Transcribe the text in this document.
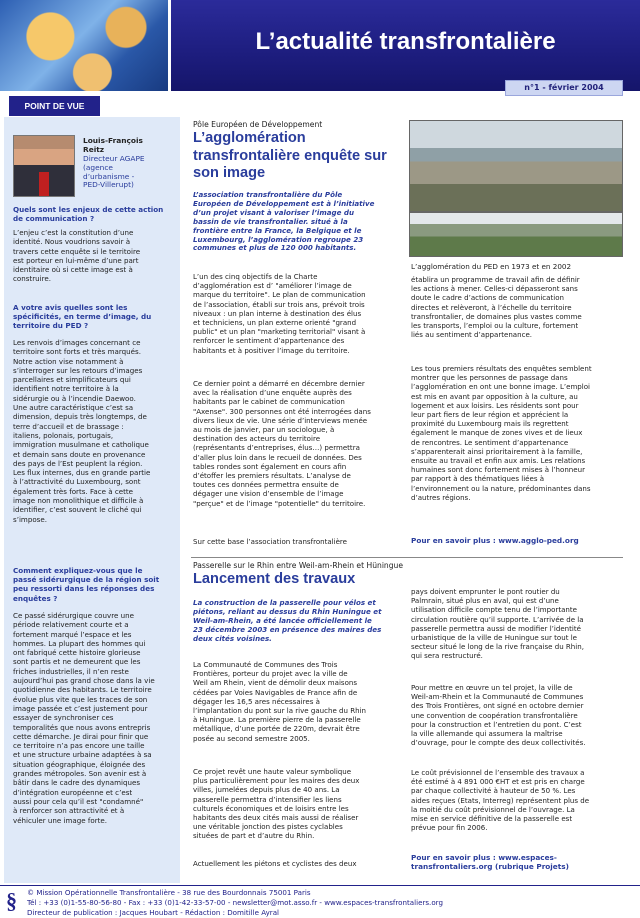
L’actualité transfrontalière
n°1 - février 2004
POINT DE VUE
Louis-François
Reitz
Directeur AGAPE
(agence
d’urbanisme -
PED-Villerupt)
Quels sont les enjeux de cette action
de communication ?
L’enjeu c’est la constitution d’une
identité. Nous voudrions savoir à
travers cette enquête si le territoire
est porteur en lui-même d’une part
identitaire où si cette image est à
construire.
A votre avis quelles sont les
spécificités, en terme d’image, du
territoire du PED ?
Les renvois d’images concernant ce
territoire sont forts et très marqués.
Notre action vise notamment à
s’interroger sur les retours d’images
parcellaires et simplificateurs qui
identifient notre territoire à la
sidérurgie ou à l’incendie Daewoo.
Une autre caractéristique c’est sa
dimension, depuis très longtemps, de
terre d’accueil et de brassage :
italiens, polonais, portugais,
immigration musulmane et catholique
et demain sans doute en provenance
des pays de l’Est peuplent la région.
Les flux internes, dus en grande partie
à l’attractivité du Luxembourg, sont
également très forts. Face à cette
image non monolithique et difficile à
identifier, c’est souvent le cliché qui
s’impose.
Comment expliquez-vous que le
passé sidérurgique de la région soit
peu ressorti dans les réponses des
enquêtes ?
Ce passé sidérurgique couvre une
période relativement courte et a
fortement marqué l’espace et les
hommes. La plupart des hommes qui
ont fabriqué cette histoire glorieuse
sont partis et ne demeurent que les
friches industrielles, il n’en reste
aujourd’hui pas grand chose dans la vie
quotidienne des habitants. Le territoire
évolue plus vite que les traces de son
image passée et c’est justement pour
essayer de synchroniser ces
temporalités que nous avons entrepris
cette démarche. Je dirai pour finir que
ce territoire n’a pas encore une taille
et une structure urbaine adaptées à sa
situation géographique, éloignée des
grandes métropoles. Son avenir est à
bâtir dans le cadre des dynamiques
d’intégration européenne et c’est
aussi pour cela qu’il est "condamné"
à renforcer son attractivité et à
véhiculer une image forte.
Pôle Européen de Développement
L’agglomération
transfrontalière enquête sur
son image
L’association transfrontalière du Pôle
Européen de Développement est à l’initiative
d’un projet visant à valoriser l’image du
bassin de vie transfrontalier. situé à la
frontière entre la France, la Belgique et le
Luxembourg, l’agglomération regroupe 23
communes et plus de 120 000 habitants.
L’un des cinq objectifs de la Charte
d’agglomération est d’ "améliorer l’image de
marque du territoire". Le plan de communication
de l’association, établi sur trois ans, prévoit trois
niveaux : un plan interne à destination des élus
et techniciens, un plan externe orienté "grand
public" et un plan "marketing territorial" visant à
renforcer le sentiment d’appartenance des
habitants et à positiver l’image du territoire.
Ce dernier point a démarré en décembre dernier
avec la réalisation d’une enquête auprès des
habitants par le cabinet de communication
"Axense". 300 personnes ont été interrogées dans
divers lieux de vie. Une série d’interviews menée
au mois de janvier, par un sociologue, à
destination des acteurs du territoire
(représentants d’entreprises, élus…) permettra
d’aller plus loin dans le recueil de données. Des
tables rondes sont également en cours afin
d’étoffer les premiers résultats. L’analyse de
toutes ces données permettra ensuite de
dégager une vision d’ensemble de l’image
"perçue" et de l’image "potentielle" du territoire.
Sur cette base l’association transfrontalière
L’agglomération du PED en 1973 et en 2002
établira un programme de travail afin de définir
les actions à mener. Celles-ci dépasseront sans
doute le cadre d’actions de communication
directes et relèveront, à l’échelle du territoire
transfrontalier, de domaines plus vastes comme
les transports, l’emploi ou la culture, fortement
liés au sentiment d’appartenance.
Les tous premiers résultats des enquêtes semblent
montrer que les personnes de passage dans
l’agglomération en ont une bonne image. L’emploi
est mis en avant par opposition à la culture, au
logement et aux loisirs. Les résidents sont pour
leur part fiers de leur région et apprécient la
proximité du Luxembourg mais ils regrettent
également le manque de zones vives et de lieux
de rencontres. Le sentiment d’appartenance
s’apparenterait ainsi prioritairement à la famille,
ensuite au travail et enfin aux amis. Les relations
humaines sont donc fortement mises à l’honneur
par rapport à des thématiques liées à
l’environnement ou la nature, prédominantes dans
d’autres régions.
Pour en savoir plus : www.agglo-ped.org
Passerelle sur le Rhin entre Weil-am-Rhein et Hüningue
Lancement des travaux
La construction de la passerelle pour vélos et
piétons, reliant au dessus du Rhin Huningue et
Weil-am-Rhein, a été lancée officiellement le
23 décembre 2003 en présence des maires des
deux cités voisines.
La Communauté de Communes des Trois
Frontières, porteur du projet avec la ville de
Weil am Rhein, vient de démolir deux maisons
cédées par Voies Navigables de France afin de
dégager les 16,5 ares nécessaires à
l’implantation du pont sur la rive gauche du Rhin
à Huningue. La première pierre de la passerelle
métallique, d’une portée de 220m, devrait être
posée au second semestre 2005.
Ce projet revêt une haute valeur symbolique
plus particulièrement pour les maires des deux
villes, jumelées depuis plus de 40 ans. La
passerelle permettra d’intensifier les liens
culturels économiques et de loisirs entre les
habitants des deux cités mais aussi de réaliser
une véritable jonction des pistes cyclables
situées de part et d’autre du Rhin.
Actuellement les piétons et cyclistes des deux
pays doivent emprunter le pont routier du
Palmrain, situé plus en aval, qui est d’une
utilisation difficile compte tenu de l’importante
circulation routière qu’il supporte. L’arrivée de la
passerelle permettra aussi de modifier l’identité
urbanistique de la ville de Huningue sur tout le
secteur situé le long de la rive française du Rhin,
qui sera restructuré.
Pour mettre en œuvre un tel projet, la ville de
Weil-am-Rhein et la Communauté de Communes
des Trois Frontières, ont signé en octobre dernier
une convention de coopération transfrontalière
pour la construction et l’entretien du pont. C’est
la ville allemande qui assumera la maîtrise
d’ouvrage, pour le compte des deux collectivités.
Le coût prévisionnel de l’ensemble des travaux a
été estimé à 4 891 000 €HT et est pris en charge
par chaque collectivité à hauteur de 50 %. Les
aides reçues (Etats, Interreg) représentent plus de
la moitié du coût prévisionnel de l’ouvrage. La
mise en service définitive de la passerelle est
prévue pour fin 2006.
Pour en savoir plus : www.espaces-
transfrontaliers.org (rubrique Projets)
§	© Mission Opérationnelle Transfrontalière - 38 rue des Bourdonnais 75001 Paris
Tél : +33 (0)1-55-80-56-80 - Fax : +33 (0)1-42-33-57-00 - newsletter@mot.asso.fr - www.espaces-transfrontaliers.org
Directeur de publication : Jacques Houbart - Rédaction : Domitille Ayral
